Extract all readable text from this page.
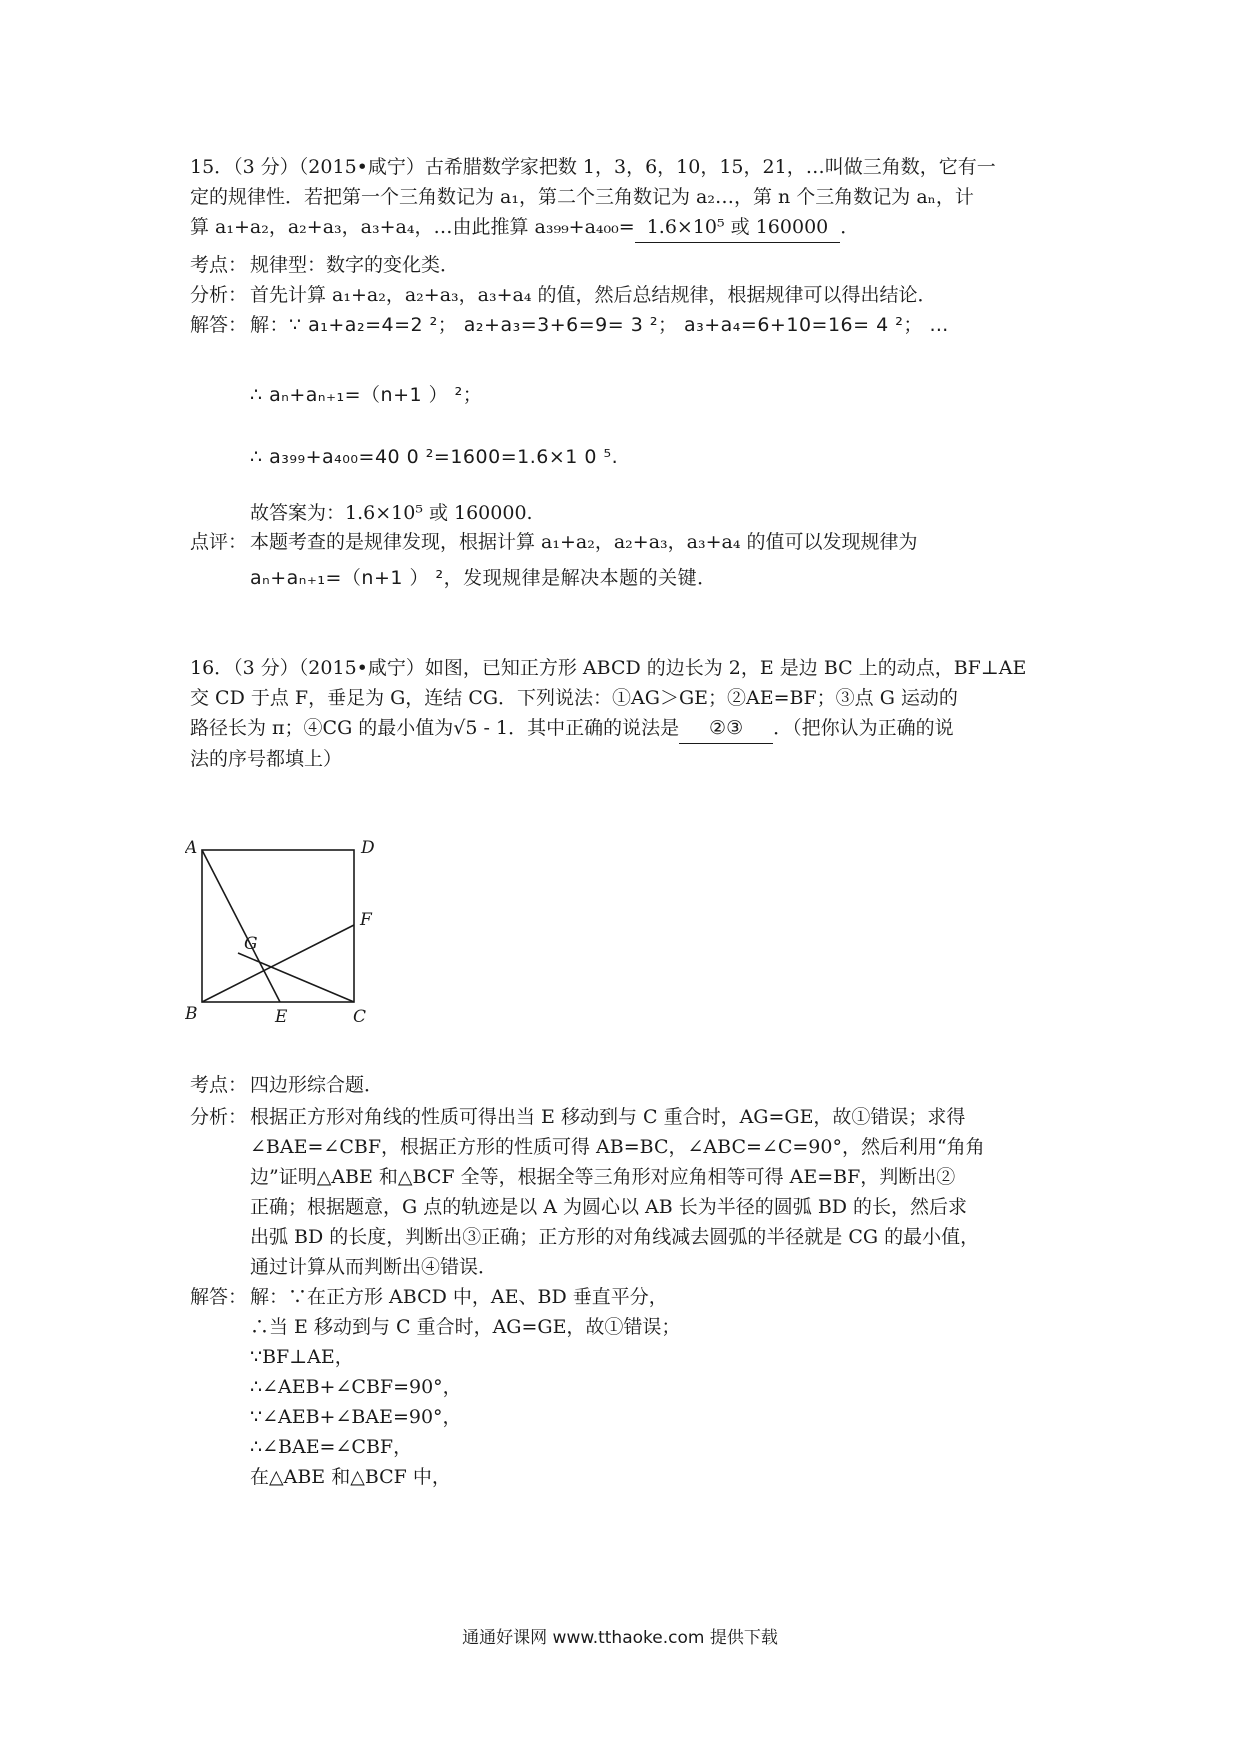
15．（3 分）（2015•咸宁）古希腊数学家把数 1，3，6，10，15，21，…叫做三角数，它有一
定的规律性．若把第一个三角数记为 a₁，第二个三角数记为 a₂…，第 n 个三角数记为 aₙ，计
算 a₁+a₂，a₂+a₃，a₃+a₄，…由此推算 a₃₉₉+a₄₀₀= 1.6×10⁵ 或 160000 ．
考点： 规律型：数字的变化类．
分析： 首先计算 a₁+a₂，a₂+a₃，a₃+a₄ 的值，然后总结规律，根据规律可以得出结论．
解答： 解：∵ a₁+a₂=4=2 ²； a₂+a₃=3+6=9= 3 ²； a₃+a₄=6+10=16= 4 ²； …
∴ aₙ+aₙ₊₁=（n+1 ） ²；
∴ a₃₉₉+a₄₀₀=40 0 ²=1600=1.6×1 0 ⁵.
故答案为：1.6×10⁵ 或 160000.
点评： 本题考查的是规律发现，根据计算 a₁+a₂，a₂+a₃，a₃+a₄ 的值可以发现规律为
aₙ+aₙ₊₁=（n+1 ） ²，发现规律是解决本题的关键．
16．（3 分）（2015•咸宁）如图，已知正方形 ABCD 的边长为 2，E 是边 BC 上的动点，BF⊥AE
交 CD 于点 F，垂足为 G，连结 CG．下列说法：①AG＞GE；②AE=BF；③点 G 运动的
路径长为 π；④CG 的最小值为√5 - 1．其中正确的说法是 ②③ ．（把你认为正确的说
法的序号都填上）
A	D
F
G
B	E	C
考点： 四边形综合题．
分析： 根据正方形对角线的性质可得出当 E 移动到与 C 重合时，AG=GE，故①错误；求得
∠BAE=∠CBF，根据正方形的性质可得 AB=BC，∠ABC=∠C=90°，然后利用“角角
边”证明△ABE 和△BCF 全等，根据全等三角形对应角相等可得 AE=BF，判断出②
正确；根据题意，G 点的轨迹是以 A 为圆心以 AB 长为半径的圆弧 BD 的长，然后求
出弧 BD 的长度，判断出③正确；正方形的对角线减去圆弧的半径就是 CG 的最小值，
通过计算从而判断出④错误．
解答： 解：∵在正方形 ABCD 中，AE、BD 垂直平分，
∴当 E 移动到与 C 重合时，AG=GE，故①错误；
∵BF⊥AE，
∴∠AEB+∠CBF=90°，
∵∠AEB+∠BAE=90°，
∴∠BAE=∠CBF，
在△ABE 和△BCF 中，
通通好课网 www.tthaoke.com 提供下载
